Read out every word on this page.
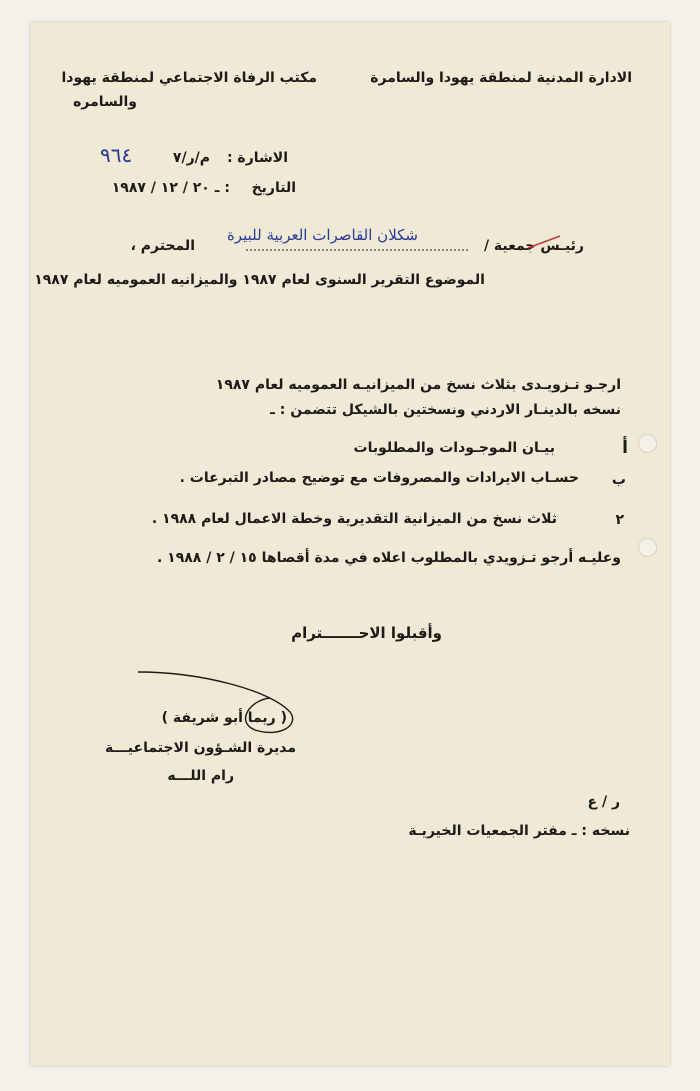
الادارة المدنية لمنطقة يهودا والسامرة
مكتب الرفاة الاجتماعي لمنطقة يهودا
والسامره
الاشارة :
م/ر/٧
٩٦٤
التاريخ
: ـ ٢٠ / ١٢ / ١٩٨٧
رئيـس جمعية /
شكلان القاصرات العربية للبيرة
المحترم ،
الموضوع التقرير السنوى لعام ١٩٨٧ والميزانيه العموميه لعام ١٩٨٧
ارجـو تـزويـدى بثلاث نسخ من الميزانيـه العموميه لعام ١٩٨٧
نسخه بالدينـار الاردني ونسختين بالشيكل تتضمن : ـ
أ
بيـان الموجـودات والمطلوبات
ب
حسـاب الايرادات والمصروفات مع توضيح مصادر التبرعات .
٢
ثلاث نسخ من الميزانية التقديرية وخطة الاعمال لعام ١٩٨٨ .
وعليـه أرجو تـزويدي بالمطلوب اعلاه في مدة أقصاها ١٥ / ٢ / ١٩٨٨ .
وأقبلوا الاحـــــــترام
( ريما أبو شريفة )
مديرة الشـؤون الاجتماعيـــة
رام اللـــه
ر / ع
نسخه : ـ مفتر الجمعيات الخيريـة
